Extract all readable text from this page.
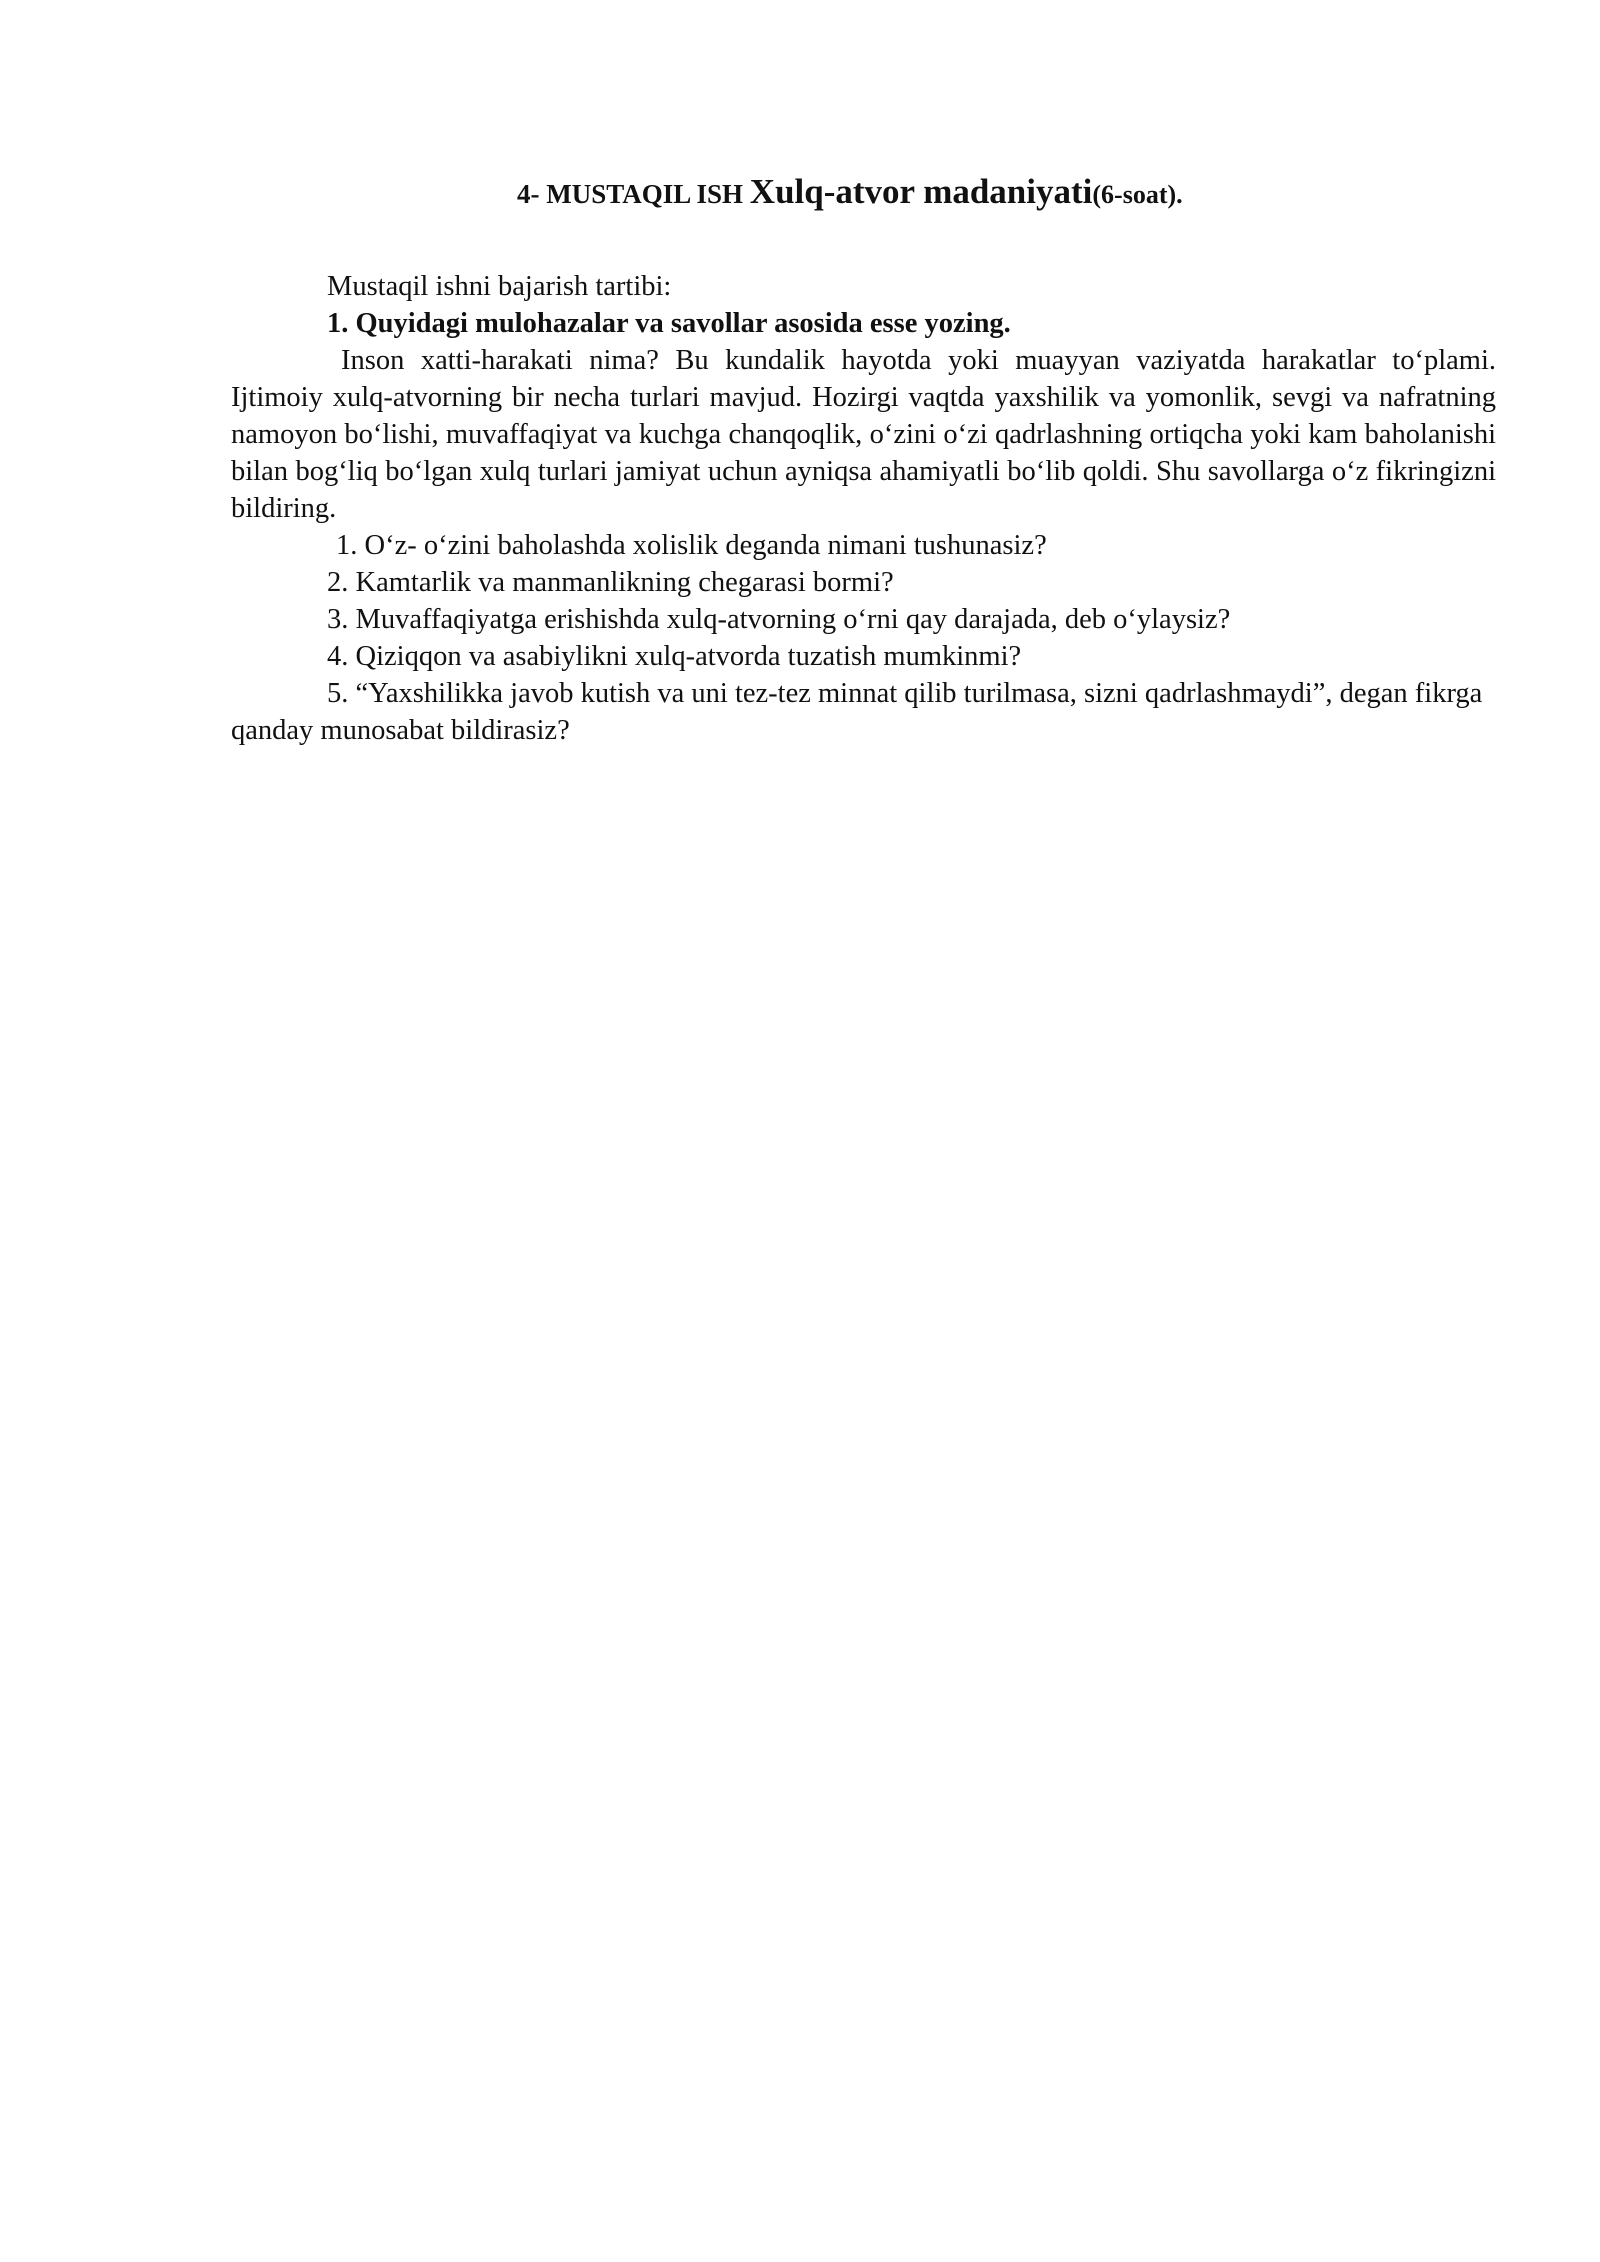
4- MUSTAQIL ISH Xulq-atvor madaniyati(6-soat).

Mustaqil ishni bajarish tartibi:

1. Quyidagi mulohazalar va savollar asosida esse yozing.

Inson xatti-harakati nima? Bu kundalik hayotda yoki muayyan vaziyatda harakatlar to‘plami. Ijtimoiy xulq-atvorning bir necha turlari mavjud. Hozirgi vaqtda yaxshilik va yomonlik, sevgi va nafratning namoyon bo‘lishi, muvaffaqiyat va kuchga chanqoqlik, o‘zini o‘zi qadrlashning ortiqcha yoki kam baholanishi bilan bog‘liq bo‘lgan xulq turlari jamiyat uchun ayniqsa ahamiyatli bo‘lib qoldi. Shu savollarga o‘z fikringizni bildiring.

1. O‘z- o‘zini baholashda xolislik deganda nimani tushunasiz?

2. Kamtarlik va manmanlikning chegarasi bormi?

3. Muvaffaqiyatga erishishda xulq-atvorning o‘rni qay darajada, deb o‘ylaysiz?

4. Qiziqqon va asabiylikni xulq-atvorda tuzatish mumkinmi?

5. “Yaxshilikka javob kutish va uni tez-tez minnat qilib turilmasa, sizni qadrlashmaydi”, degan fikrga qanday munosabat bildirasiz?
